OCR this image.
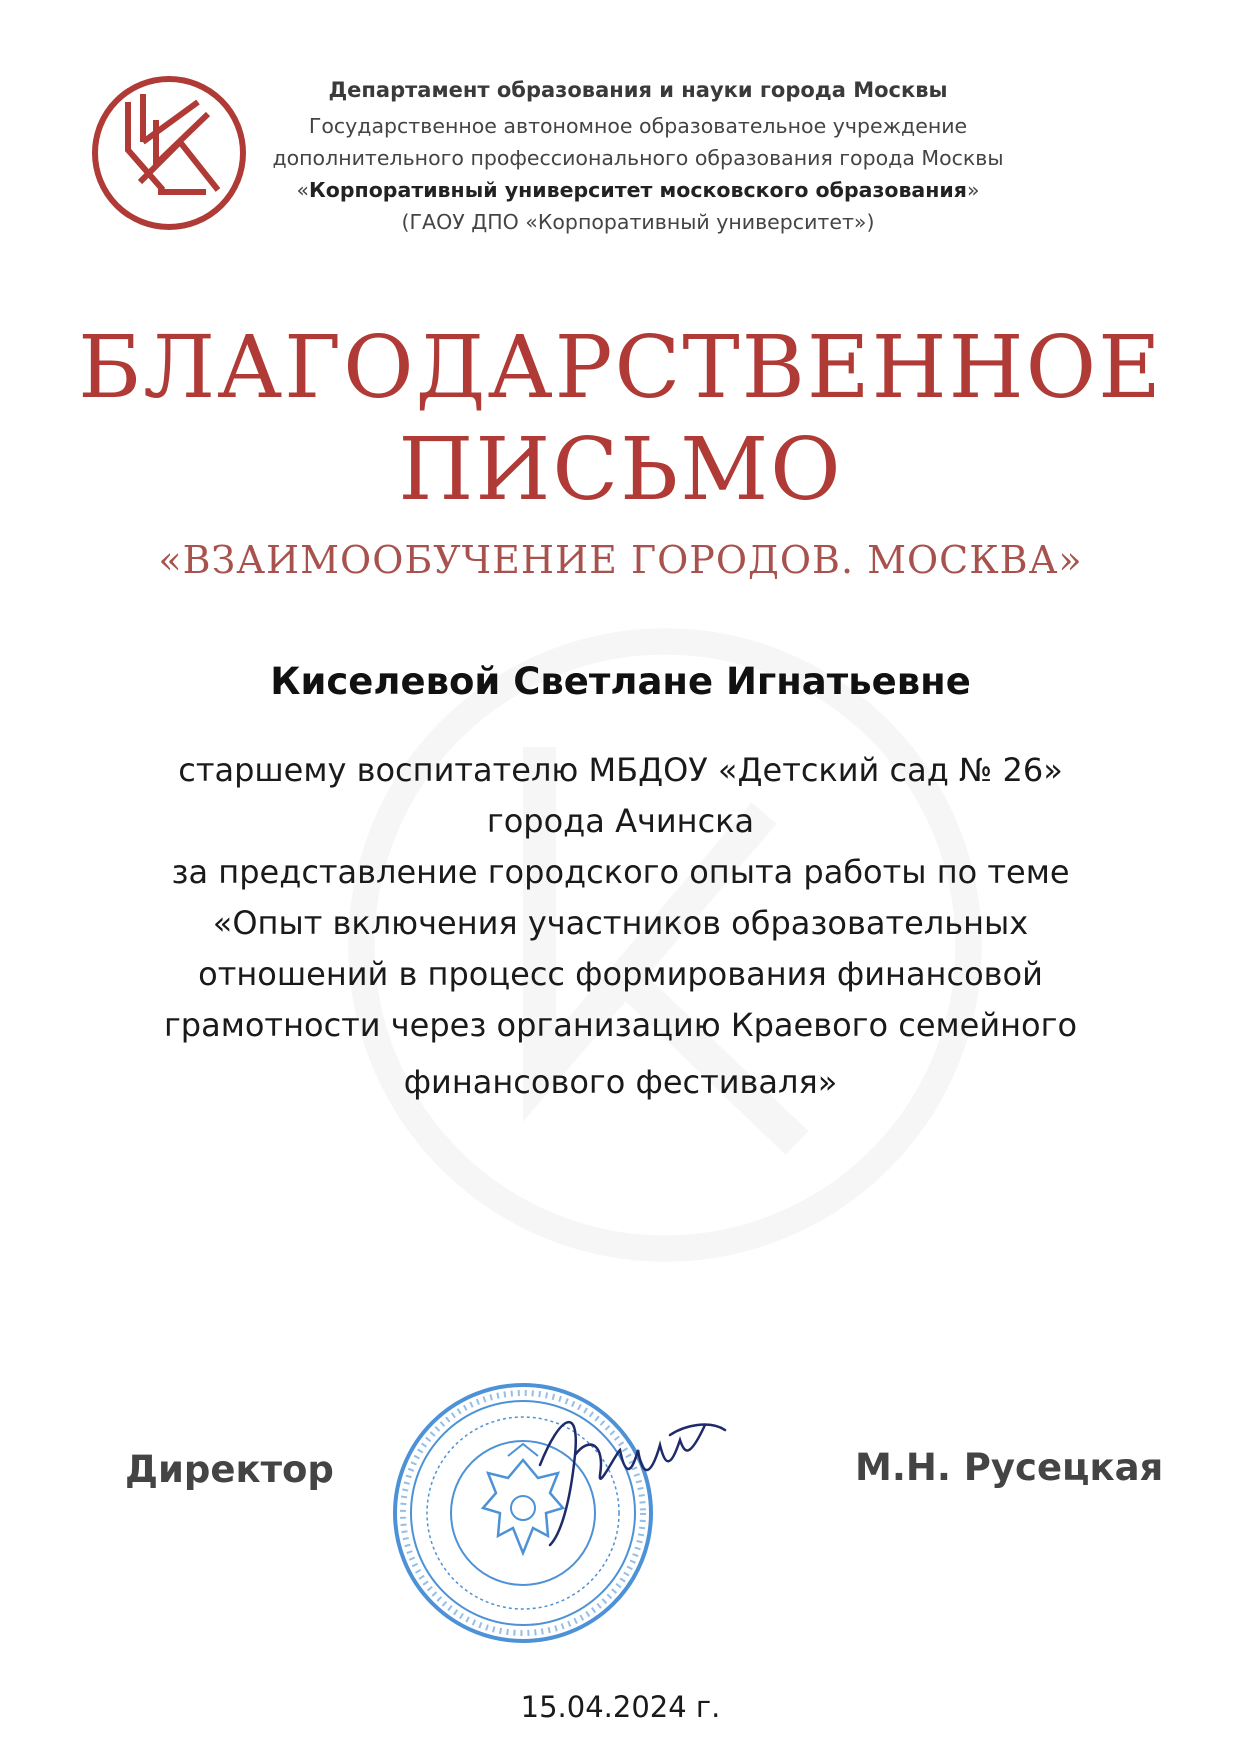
Департамент образования и науки города Москвы
Государственное автономное образовательное учреждение
дополнительного профессионального образования города Москвы
«Корпоративный университет московского образования»
(ГАОУ ДПО «Корпоративный университет»)
БЛАГОДАРСТВЕННОЕ
ПИСЬМО
«ВЗАИМООБУЧЕНИЕ ГОРОДОВ. МОСКВА»
Киселевой Светлане Игнатьевне
старшему воспитателю МБДОУ «Детский сад № 26»
города Ачинска
за представление городского опыта работы по теме
«Опыт включения участников образовательных
отношений в процесс формирования финансовой
грамотности через организацию Краевого семейного
финансового фестиваля»
Директор	М.Н. Русецкая
15.04.2024 г.
